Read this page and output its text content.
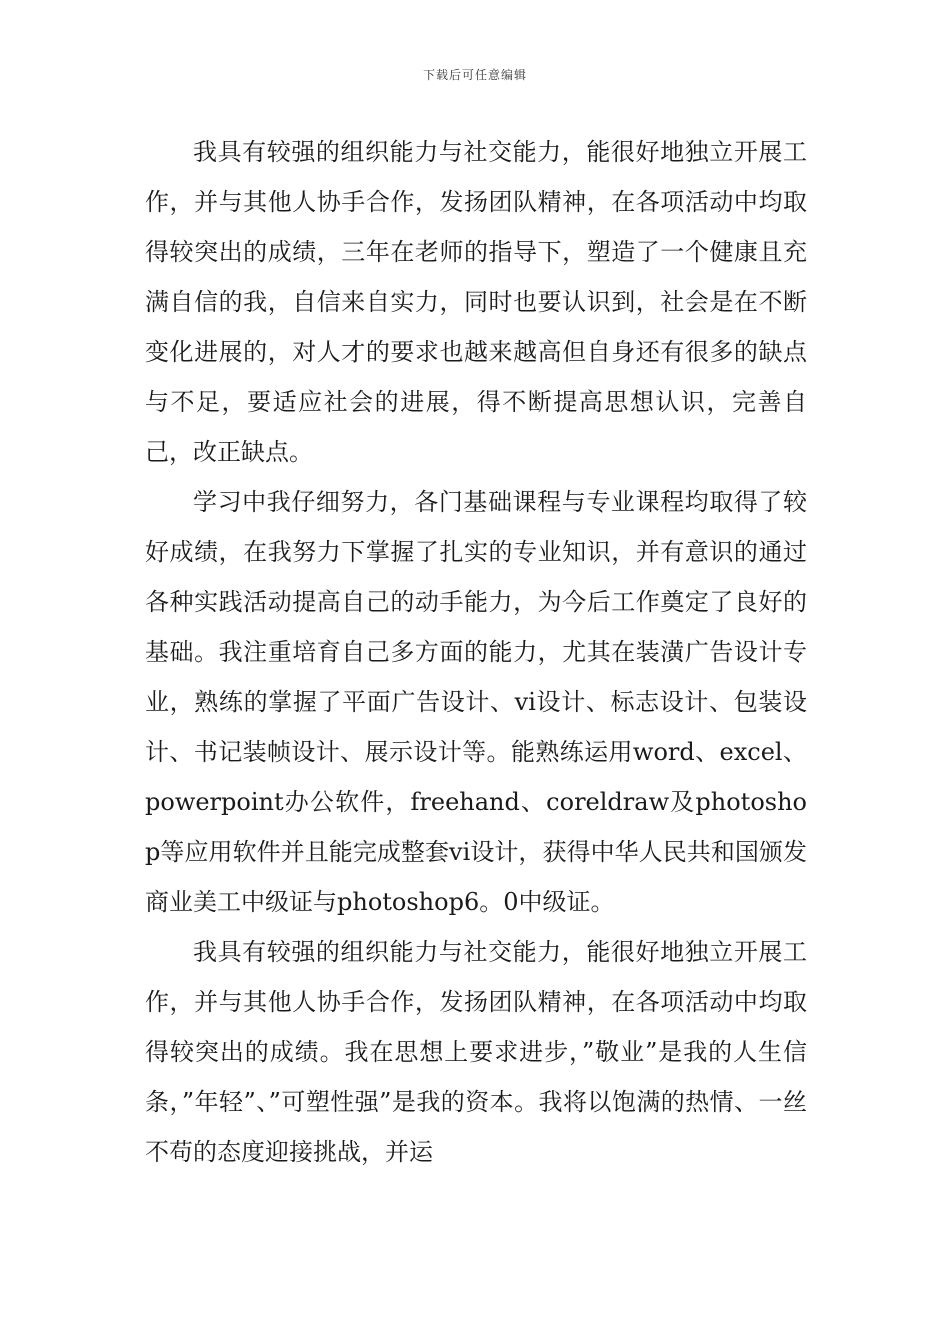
下载后可任意编辑

我具有较强的组织能力与社交能力，能很好地独立开展工作，并与其他人协手合作，发扬团队精神，在各项活动中均取得较突出的成绩，三年在老师的指导下，塑造了一个健康且充满自信的我，自信来自实力，同时也要认识到，社会是在不断变化进展的，对人才的要求也越来越高但自身还有很多的缺点与不足，要适应社会的进展，得不断提高思想认识，完善自己，改正缺点。

学习中我仔细努力，各门基础课程与专业课程均取得了较好成绩，在我努力下掌握了扎实的专业知识，并有意识的通过各种实践活动提高自己的动手能力，为今后工作奠定了良好的基础。我注重培育自己多方面的能力，尤其在装潢广告设计专业，熟练的掌握了平面广告设计、vi设计、标志设计、包装设计、书记装帧设计、展示设计等。能熟练运用word、excel、powerpoint办公软件，freehand、coreldraw及photoshop等应用软件并且能完成整套vi设计，获得中华人民共和国颁发商业美工中级证与photoshop6。0中级证。

我具有较强的组织能力与社交能力，能很好地独立开展工作，并与其他人协手合作，发扬团队精神，在各项活动中均取得较突出的成绩。我在思想上要求进步，”敬业”是我的人生信条，”年轻”、”可塑性强”是我的资本。我将以饱满的热情、一丝不苟的态度迎接挑战，并运
